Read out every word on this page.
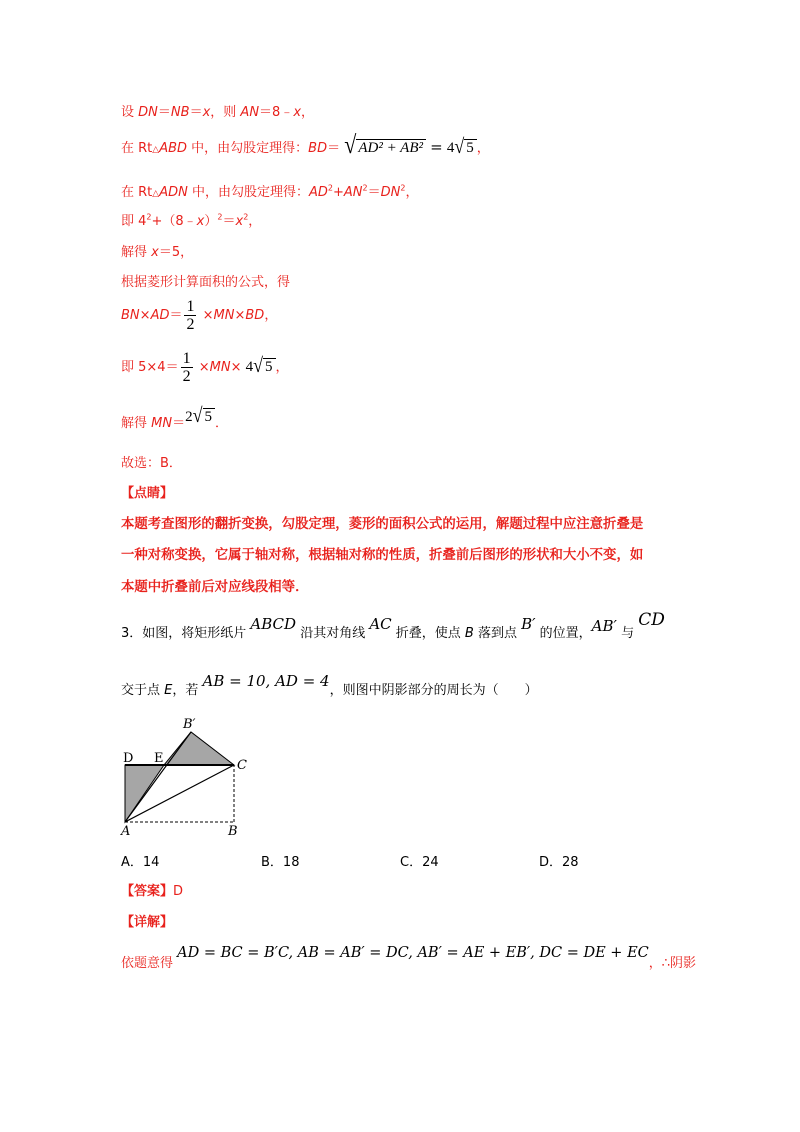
设 DN＝NB＝x，则 AN＝8﹣x，
在 Rt△ABD 中，由勾股定理得：BD＝ √ AD² + AB² = 4√ 5 ，
在 Rt△ADN 中，由勾股定理得：$AD^2+AN^2=DN^2$，
即 $4^2+(8﹣x)^2=x^2$，
解得 x＝5，
根据菱形计算面积的公式，得
$BN\times AD= \frac{1}{2} \times MN\times BD$，
即 $5\times 4= \frac{1}{2} \times MN\times 4√$ 5 ，
解得 MN＝2√ 5 ．
故选：B．
【点睛】
本题考查图形的翻折变换，勾股定理，菱形的面积公式的运用，解题过程中应注意折叠是
一种对称变换，它属于轴对称，根据轴对称的性质，折叠前后图形的形状和大小不变，如
本题中折叠前后对应线段相等．
3．如图，将矩形纸片 ABCD 沿其对角线 AC 折叠，使点 B 落到点 B′ 的位置，AB′ 与 CD
交于点 E，若 AB = 10, AD = 4，则图中阴影部分的周长为（　　）
B′
D E	C
A	B
A．14	B．18	C．24	D．28
【答案】D
【详解】
依题意得 AD = BC = B′C, AB = AB′ = DC, AB′ = AE + EB′, DC = DE + EC，∴阴影
